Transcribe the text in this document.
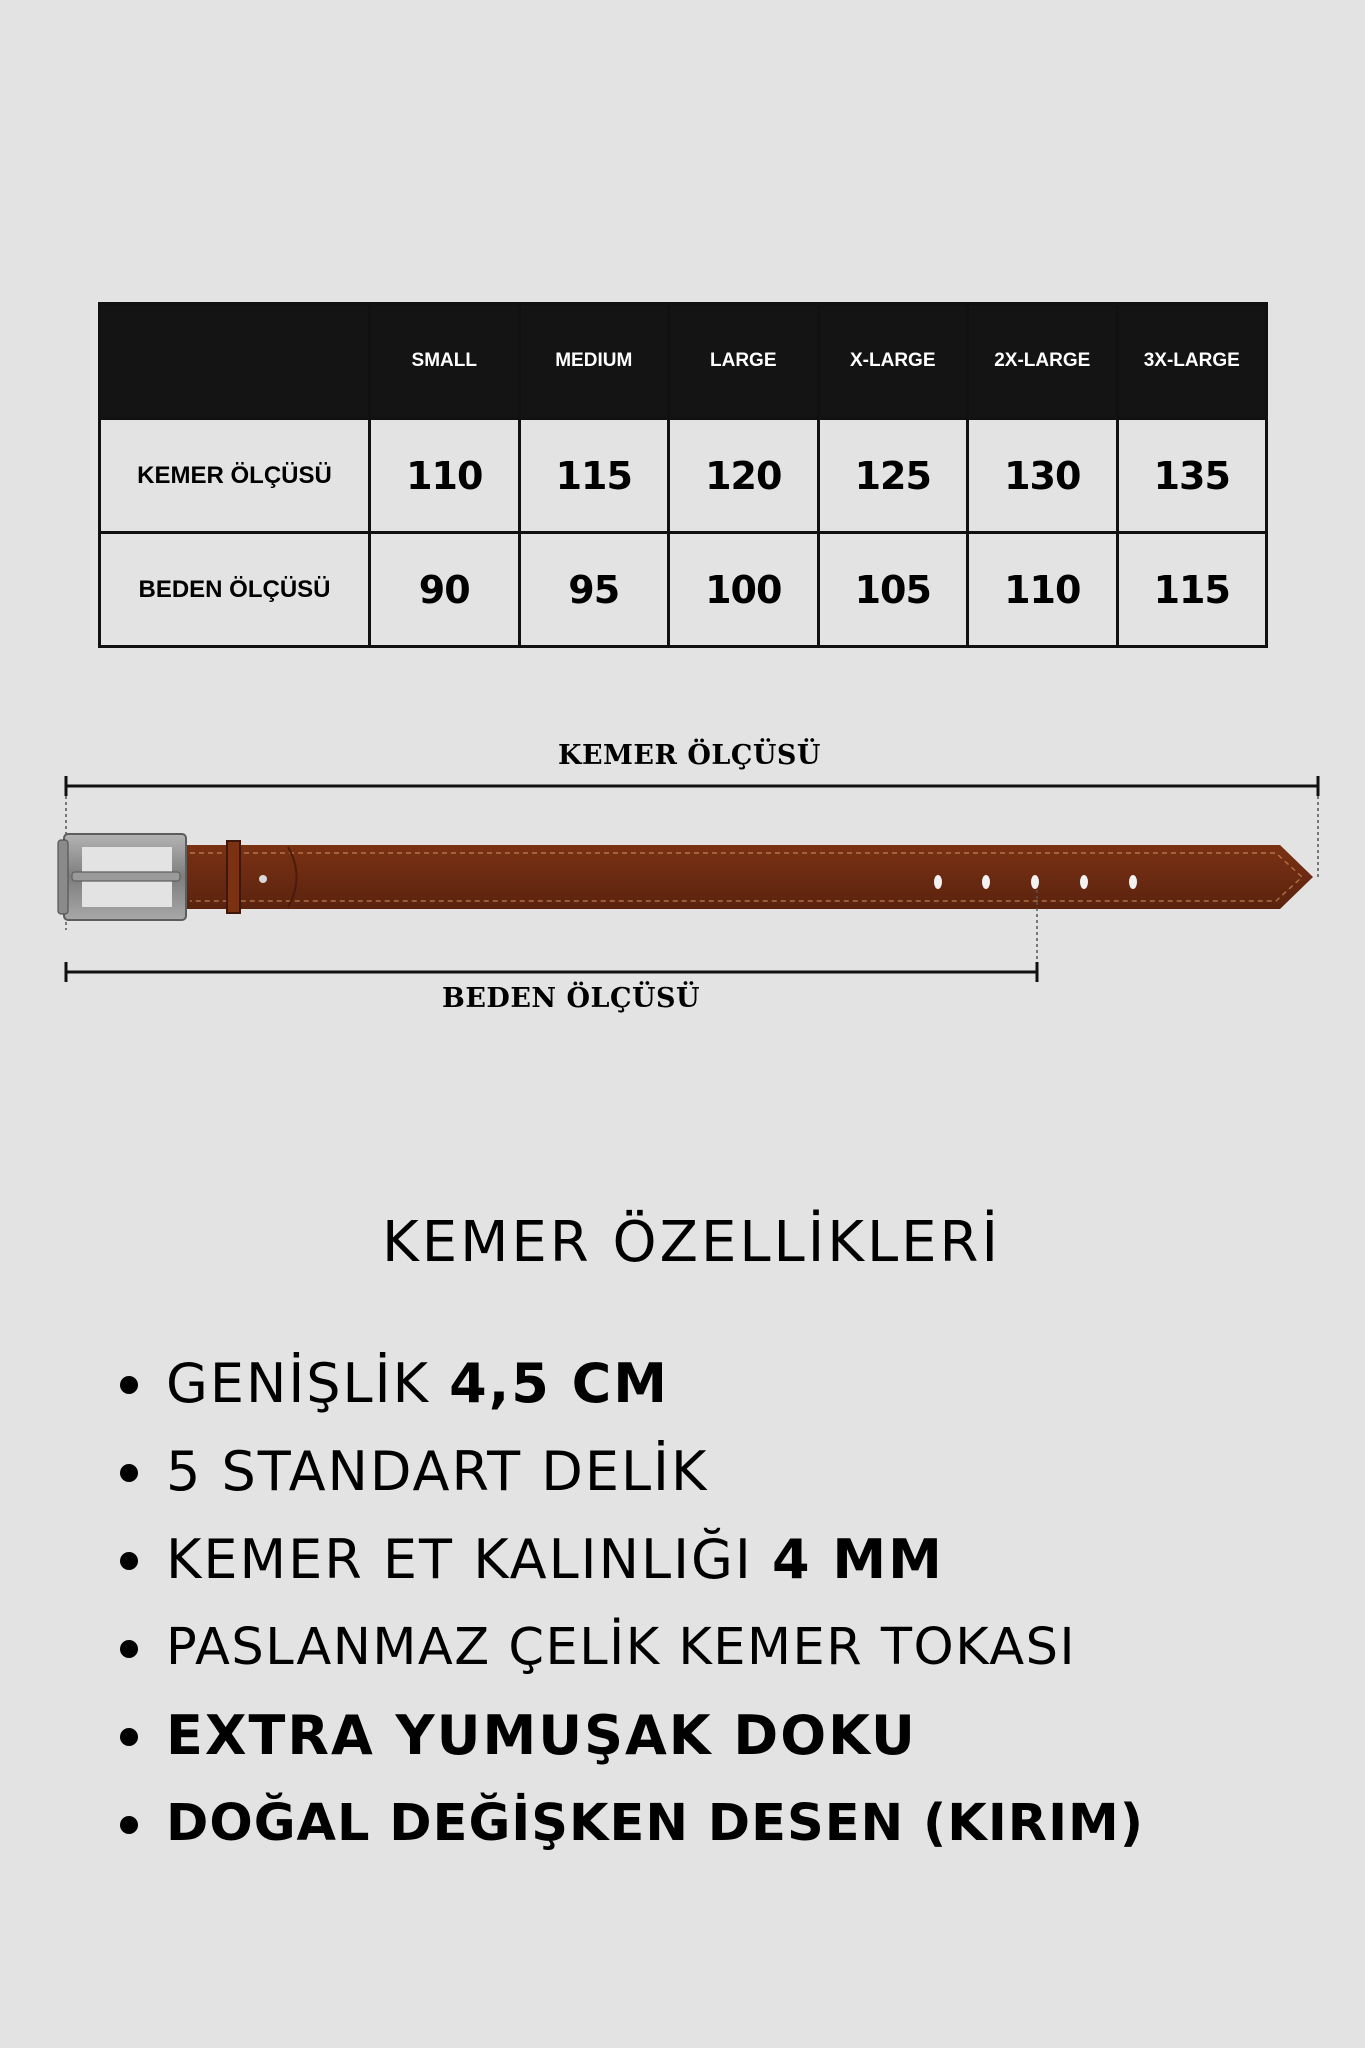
	SMALL	MEDIUM	LARGE	X-LARGE	2X-LARGE	3X-LARGE
KEMER ÖLÇÜSÜ	110	115	120	125	130	135
BEDEN ÖLÇÜSÜ	90	95	100	105	110	115
KEMER ÖLÇÜSÜ
BEDEN ÖLÇÜSÜ
KEMER ÖZELLİKLERİ
GENİŞLİK 4,5 CM
5 STANDART DELİK
KEMER ET KALINLIĞI 4 MM
PASLANMAZ ÇELİK KEMER TOKASI
EXTRA YUMUŞAK DOKU
DOĞAL DEĞİŞKEN DESEN (KIRIM)
